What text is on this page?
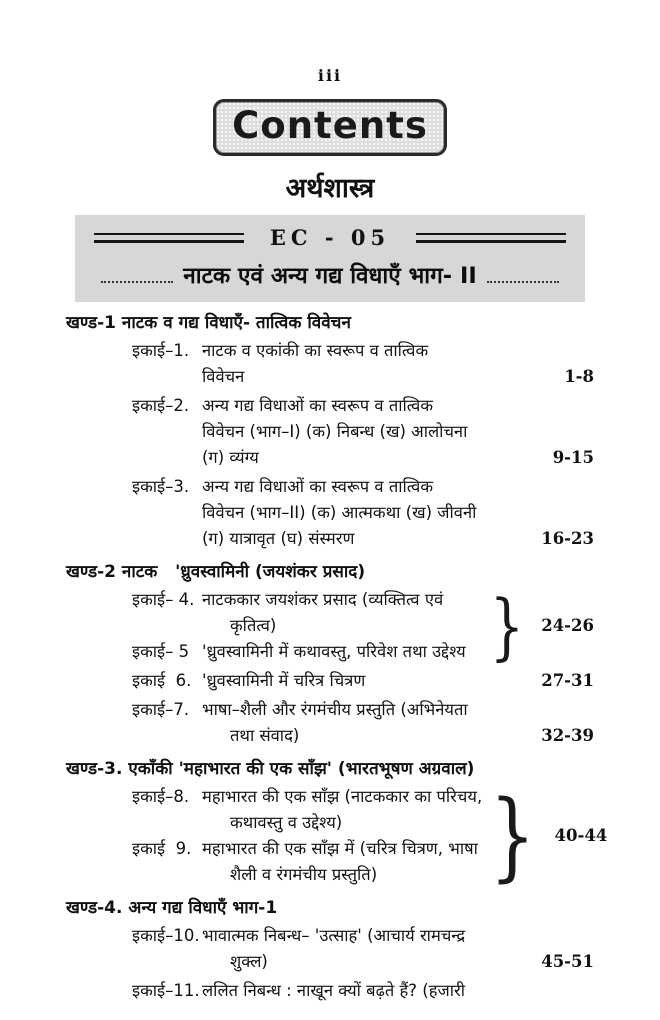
iii
Contents
अर्थशास्त्र
EC - 05
नाटक एवं अन्य गद्य विधाएँ भाग- II
खण्ड-1 नाटक व गद्य विधाएँ- तात्विक विवेचन
इकाई–1. नाटक व एकांकी का स्वरूप व तात्विक
विवेचन	1-8
इकाई–2. अन्य गद्य विधाओं का स्वरूप व तात्विक
विवेचन (भाग–I) (क) निबन्ध (ख) आलोचना
(ग) व्यंग्य	9-15
इकाई–3. अन्य गद्य विधाओं का स्वरूप व तात्विक
विवेचन (भाग–II) (क) आत्मकथा (ख) जीवनी
(ग) यात्रावृत (घ) संस्मरण	16-23
खण्ड-2 नाटक   'ध्रुवस्वामिनी (जयशंकर प्रसाद)
इकाई– 4. नाटककार जयशंकर प्रसाद (व्यक्तित्व एवं
कृतित्व)
इकाई– 5 'ध्रुवस्वामिनी में कथावस्तु, परिवेश तथा उद्देश्य }	24-26
इकाई  6. 'ध्रुवस्वामिनी में चरित्र चित्रण	27-31
इकाई–7. भाषा–शैली और रंगमंचीय प्रस्तुति (अभिनेयता
तथा संवाद)	32-39
खण्ड-3. एकाँकी 'महाभारत की एक साँझ' (भारतभूषण अग्रवाल)
इकाई–8. महाभारत की एक साँझ (नाटककार का परिचय,
कथावस्तु व उद्देश्य)
इकाई  9. महाभारत की एक साँझ में (चरित्र चित्रण, भाषा
शैली व रंगमंचीय प्रस्तुति)	}	40-44
खण्ड-4. अन्य गद्य विधाएँ भाग-1
इकाई–10. भावात्मक निबन्ध– 'उत्साह' (आचार्य रामचन्द्र
शुक्ल)	45-51
इकाई–11. ललित निबन्ध : नाखून क्यों बढ़ते हैं? (हजारी
